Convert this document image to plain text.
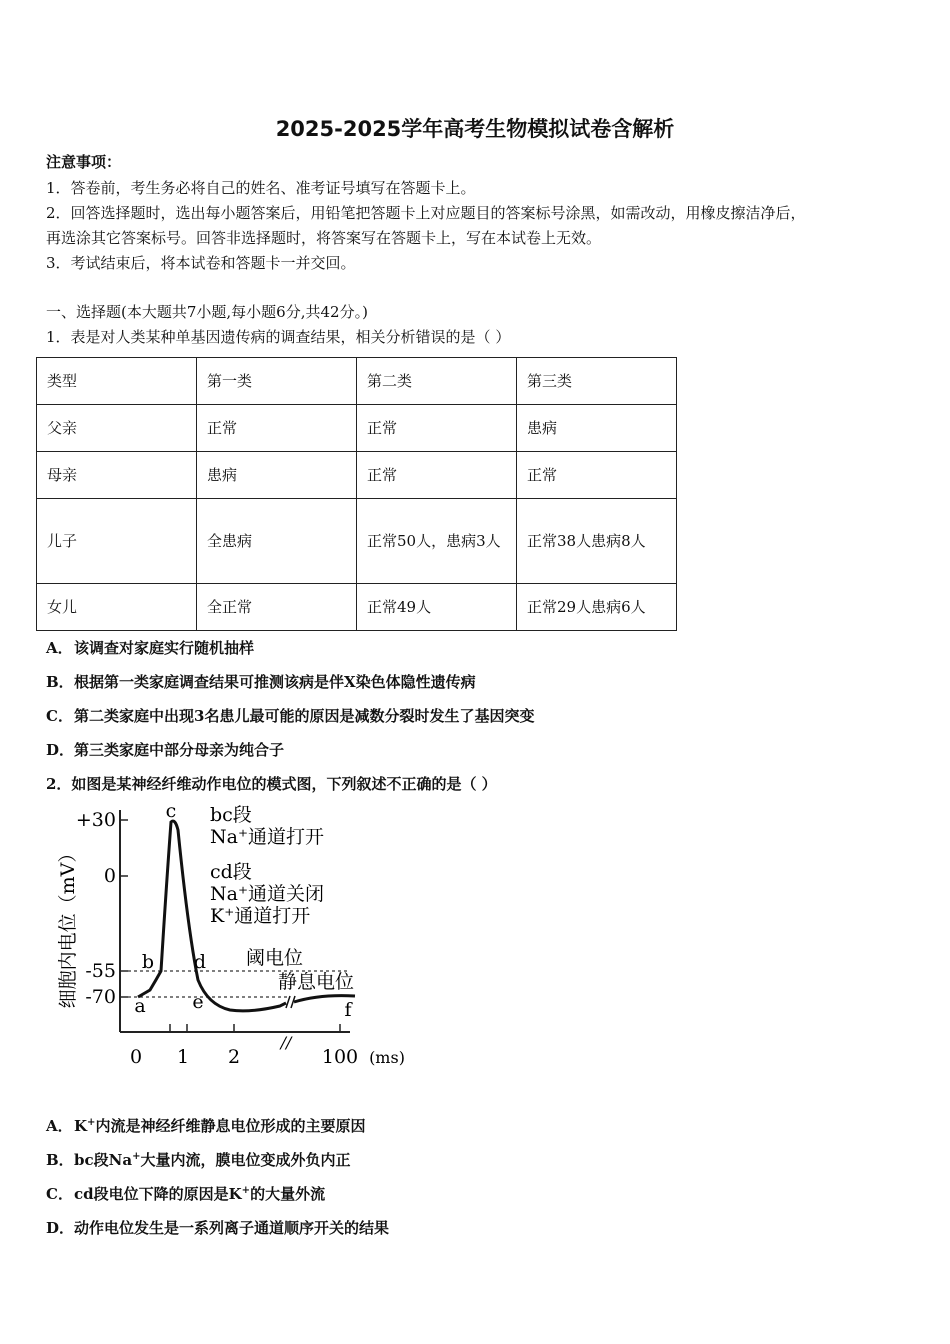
2025-2025学年高考生物模拟试卷含解析
注意事项：
1．答卷前，考生务必将自己的姓名、准考证号填写在答题卡上。
2．回答选择题时，选出每小题答案后，用铅笔把答题卡上对应题目的答案标号涂黑，如需改动，用橡皮擦洁净后，
再选涂其它答案标号。回答非选择题时，将答案写在答题卡上，写在本试卷上无效。
3．考试结束后，将本试卷和答题卡一并交回。
一、选择题(本大题共7小题,每小题6分,共42分。)
1．表是对人类某种单基因遗传病的调查结果，相关分析错误的是（ ）
类型	第一类	第二类	第三类
父亲	正常	正常	患病
母亲	患病	正常	正常
儿子	全患病	正常50人，患病3人	正常38人患病8人
女儿	全正常	正常49人	正常29人患病6人
A．该调查对家庭实行随机抽样
B．根据第一类家庭调查结果可推测该病是伴X染色体隐性遗传病
C．第二类家庭中出现3名患儿最可能的原因是减数分裂时发生了基因突变
D．第三类家庭中部分母亲为纯合子
2．如图是某神经纤维动作电位的模式图，下列叙述不正确的是（ ）
+30
0
-55
-70
细胞内电位（mV）
0 1 2	100 (ms)
//
a
b
c
d
e	f
bc段
Na⁺通道打开
cd段
Na⁺通道关闭
K⁺通道打开
阈电位
静息电位
A．K+内流是神经纤维静息电位形成的主要原因
B．bc段Na+大量内流，膜电位变成外负内正
C．cd段电位下降的原因是K+的大量外流
D．动作电位发生是一系列离子通道顺序开关的结果
